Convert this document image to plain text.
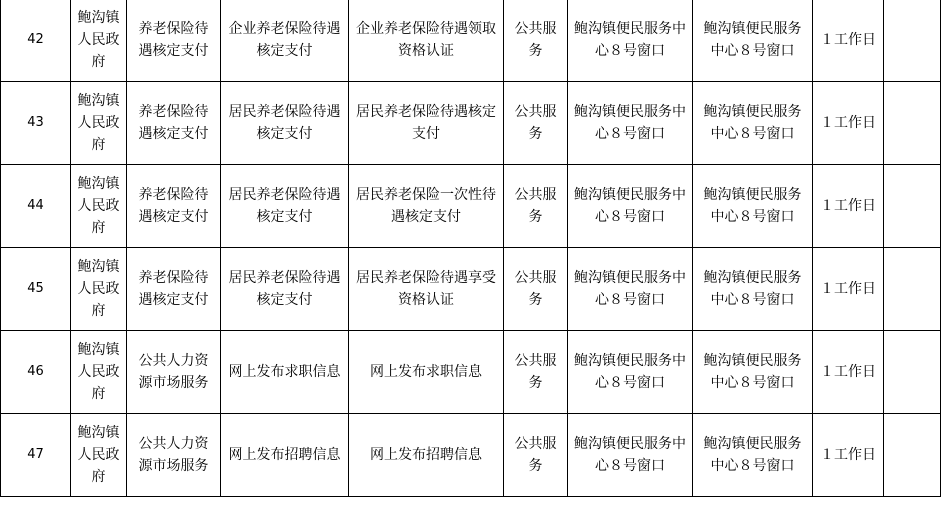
42	鲍沟镇人民政府	养老保险待遇核定支付	企业养老保险待遇核定支付	企业养老保险待遇领取资格认证	公共服务	鲍沟镇便民服务中心８号窗口	鲍沟镇便民服务中心８号窗口	１工作日	
43	鲍沟镇人民政府	养老保险待遇核定支付	居民养老保险待遇核定支付	居民养老保险待遇核定支付	公共服务	鲍沟镇便民服务中心８号窗口	鲍沟镇便民服务中心８号窗口	１工作日	
44	鲍沟镇人民政府	养老保险待遇核定支付	居民养老保险待遇核定支付	居民养老保险一次性待遇核定支付	公共服务	鲍沟镇便民服务中心８号窗口	鲍沟镇便民服务中心８号窗口	１工作日	
45	鲍沟镇人民政府	养老保险待遇核定支付	居民养老保险待遇核定支付	居民养老保险待遇享受资格认证	公共服务	鲍沟镇便民服务中心８号窗口	鲍沟镇便民服务中心８号窗口	１工作日	
46	鲍沟镇人民政府	公共人力资源市场服务	网上发布求职信息	网上发布求职信息	公共服务	鲍沟镇便民服务中心８号窗口	鲍沟镇便民服务中心８号窗口	１工作日	
47	鲍沟镇人民政府	公共人力资源市场服务	网上发布招聘信息	网上发布招聘信息	公共服务	鲍沟镇便民服务中心８号窗口	鲍沟镇便民服务中心８号窗口	１工作日	
